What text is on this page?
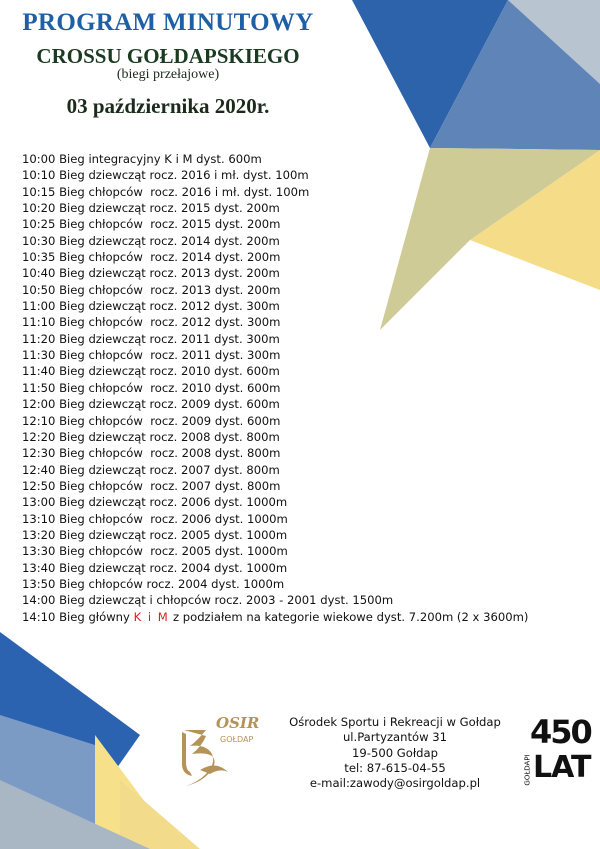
PROGRAM MINUTOWY
CROSSU GOŁDAPSKIEGO
(biegi przełajowe)
03 października 2020r.
10:00 Bieg integracyjny K i M dyst. 600m
10:10 Bieg dziewcząt rocz. 2016 i mł. dyst. 100m
10:15 Bieg chłopców  rocz. 2016 i mł. dyst. 100m
10:20 Bieg dziewcząt rocz. 2015 dyst. 200m
10:25 Bieg chłopców  rocz. 2015 dyst. 200m
10:30 Bieg dziewcząt rocz. 2014 dyst. 200m
10:35 Bieg chłopców  rocz. 2014 dyst. 200m
10:40 Bieg dziewcząt rocz. 2013 dyst. 200m
10:50 Bieg chłopców  rocz. 2013 dyst. 200m
11:00 Bieg dziewcząt rocz. 2012 dyst. 300m
11:10 Bieg chłopców  rocz. 2012 dyst. 300m
11:20 Bieg dziewcząt rocz. 2011 dyst. 300m
11:30 Bieg chłopców  rocz. 2011 dyst. 300m
11:40 Bieg dziewcząt rocz. 2010 dyst. 600m
11:50 Bieg chłopców  rocz. 2010 dyst. 600m
12:00 Bieg dziewcząt rocz. 2009 dyst. 600m
12:10 Bieg chłopców  rocz. 2009 dyst. 600m
12:20 Bieg dziewcząt rocz. 2008 dyst. 800m
12:30 Bieg chłopców  rocz. 2008 dyst. 800m
12:40 Bieg dziewcząt rocz. 2007 dyst. 800m
12:50 Bieg chłopców  rocz. 2007 dyst. 800m
13:00 Bieg dziewcząt rocz. 2006 dyst. 1000m
13:10 Bieg chłopców  rocz. 2006 dyst. 1000m
13:20 Bieg dziewcząt rocz. 2005 dyst. 1000m
13:30 Bieg chłopców  rocz. 2005 dyst. 1000m
13:40 Bieg dziewcząt rocz. 2004 dyst. 1000m
13:50 Bieg chłopców rocz. 2004 dyst. 1000m
14:00 Bieg dziewcząt i chłopców rocz. 2003 - 2001 dyst. 1500m
14:10 Bieg główny K i M z podziałem na kategorie wiekowe dyst. 7.200m (2 x 3600m)
OSIR
GOŁDAP
Ośrodek Sportu i Rekreacji w Gołdap
ul.Partyzantów 31
19-500 Gołdap
tel: 87-615-04-55
e-mail:zawody@osirgoldap.pl
450
LAT
GOŁDAPI
